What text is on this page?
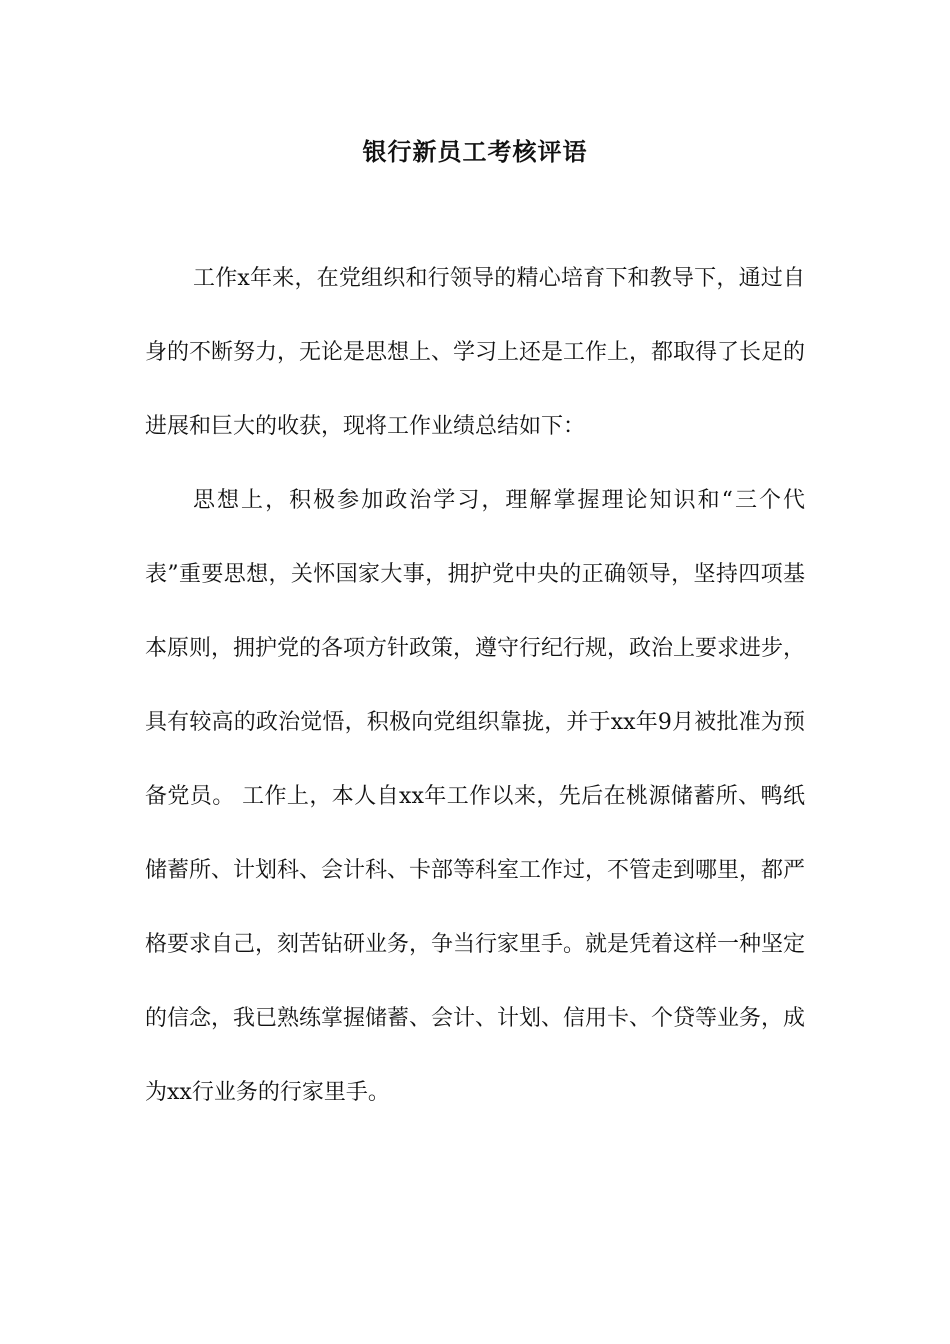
银行新员工考核评语

工作x年来，在党组织和行领导的精心培育下和教导下，通过自身的不断努力，无论是思想上、学习上还是工作上，都取得了长足的进展和巨大的收获，现将工作业绩总结如下：

思想上，积极参加政治学习，理解掌握理论知识和“三个代表”重要思想，关怀国家大事，拥护党中央的正确领导，坚持四项基本原则，拥护党的各项方针政策，遵守行纪行规，政治上要求进步，具有较高的政治觉悟，积极向党组织靠拢，并于xx年9月被批准为预备党员。 工作上，本人自xx年工作以来，先后在桃源储蓄所、鸭纸储蓄所、计划科、会计科、卡部等科室工作过，不管走到哪里，都严格要求自己，刻苦钻研业务，争当行家里手。就是凭着这样一种坚定的信念，我已熟练掌握储蓄、会计、计划、信用卡、个贷等业务，成为xx行业务的行家里手。
